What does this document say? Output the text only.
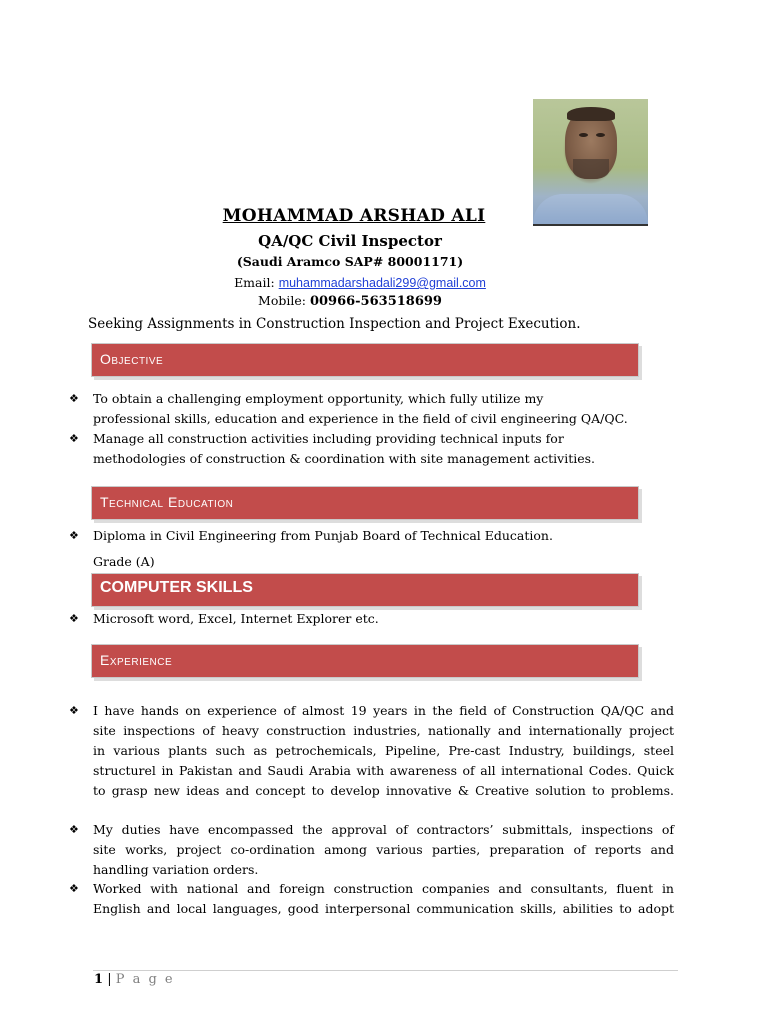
MOHAMMAD ARSHAD ALI
QA/QC Civil Inspector
(Saudi Aramco SAP# 80001171)
Email: muhammadarshadali299@gmail.com
Mobile: 00966-563518699
Seeking Assignments in Construction Inspection and Project Execution.
Objective
❖ To obtain a challenging employment opportunity, which fully utilize my
professional skills, education and experience in the field of civil engineering QA/QC.
❖ Manage all construction activities including providing technical inputs for
methodologies of construction & coordination with site management activities.
Technical Education
❖ Diploma in Civil Engineering from Punjab Board of Technical Education.
Grade (A)
COMPUTER SKILLS
❖ Microsoft word, Excel, Internet Explorer etc.
Experience
❖ I have hands on experience of almost 19 years in the field of Construction QA/QC and
site inspections of heavy construction industries, nationally and internationally project
in various plants such as petrochemicals, Pipeline, Pre-cast Industry, buildings, steel
structurel in Pakistan and Saudi Arabia with awareness of all international Codes. Quick
to grasp new ideas and concept to develop innovative & Creative solution to problems.
❖ My duties have encompassed the approval of contractors’ submittals, inspections of
site works, project co-ordination among various parties, preparation of reports and
handling variation orders.
❖ Worked with national and foreign construction companies and consultants, fluent in
English and local languages, good interpersonal communication skills, abilities to adopt
1 | P a g e
